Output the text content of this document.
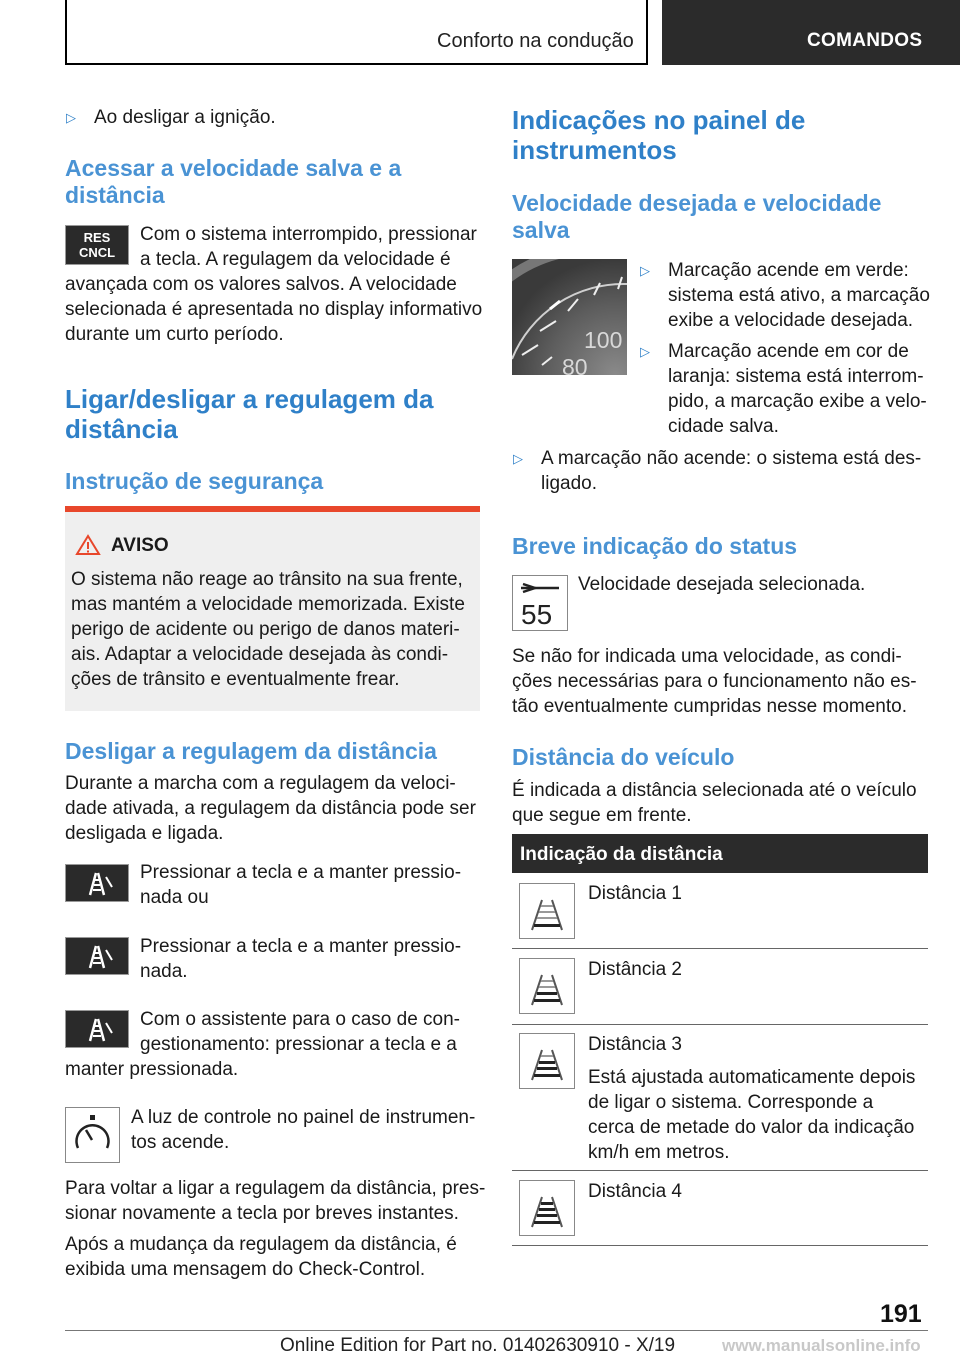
Conforto na condução	COMANDOS
▷ Ao desligar a ignição.
Acessar a velocidade salva e a
distância
RES
CNCL
Com o sistema interrompido, pressionar
a tecla. A regulagem da velocidade é
avançada com os valores salvos. A velocidade
selecionada é apresentada no display informativo
durante um curto período.
Ligar/desligar a regulagem da
distância
Instrução de segurança
AVISO
O sistema não reage ao trânsito na sua frente,
mas mantém a velocidade memorizada. Existe
perigo de acidente ou perigo de danos materi-
ais. Adaptar a velocidade desejada às condi-
ções de trânsito e eventualmente frear.
Desligar a regulagem da distância
Durante a marcha com a regulagem da veloci-
dade ativada, a regulagem da distância pode ser
desligada e ligada.
Pressionar a tecla e a manter pressio-
nada ou
Pressionar a tecla e a manter pressio-
nada.
Com o assistente para o caso de con-
gestionamento: pressionar a tecla e a
manter pressionada.
A luz de controle no painel de instrumen-
tos acende.
Para voltar a ligar a regulagem da distância, pres-
sionar novamente a tecla por breves instantes.
Após a mudança da regulagem da distância, é
exibida uma mensagem do Check-Control.
Indicações no painel de
instrumentos
Velocidade desejada e velocidade
salva
100
80
▷ Marcação acende em verde:
sistema está ativo, a marcação
exibe a velocidade desejada.
▷ Marcação acende em cor de
laranja: sistema está interrom-
pido, a marcação exibe a velo-
cidade salva.
▷ A marcação não acende: o sistema está des-
ligado.
Breve indicação do status
55
Velocidade desejada selecionada.
Se não for indicada uma velocidade, as condi-
ções necessárias para o funcionamento não es-
tão eventualmente cumpridas nesse momento.
Distância do veículo
É indicada a distância selecionada até o veículo
que segue em frente.
Indicação da distância
Distância 1
Distância 2
Distância 3
Está ajustada automaticamente depois
de ligar o sistema. Corresponde a
cerca de metade do valor da indicação
km/h em metros.
Distância 4
191
Online Edition for Part no. 01402630910 - X/19	www.manualsonline.info
